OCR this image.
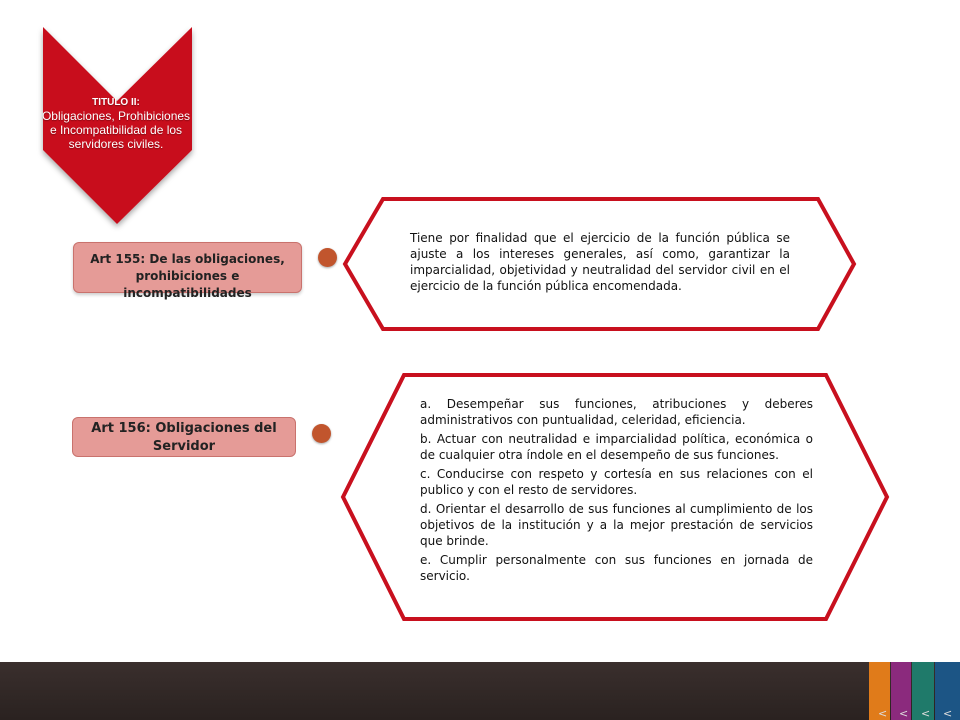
TITULO II:
Obligaciones, Prohibiciones e Incompatibilidad de los servidores civiles.
Art 155: De las obligaciones, prohibiciones e incompatibilidades
Art 156: Obligaciones del Servidor
Tiene por finalidad que el ejercicio de la función pública se ajuste a los intereses generales, así como, garantizar la imparcialidad, objetividad y neutralidad del servidor civil en el ejercicio de la función pública encomendada.
a. Desempeñar sus funciones, atribuciones y deberes administrativos con puntualidad, celeridad, eficiencia.
b. Actuar con neutralidad e imparcialidad política, económica o de cualquier otra índole en el desempeño de sus funciones.
c. Conducirse con respeto y cortesía en sus relaciones con el publico y con el resto de servidores.
d. Orientar el desarrollo de sus funciones al cumplimiento de los objetivos de la institución y a la mejor prestación de servicios que brinde.
e. Cumplir personalmente con sus funciones en jornada de servicio.
< < < <
